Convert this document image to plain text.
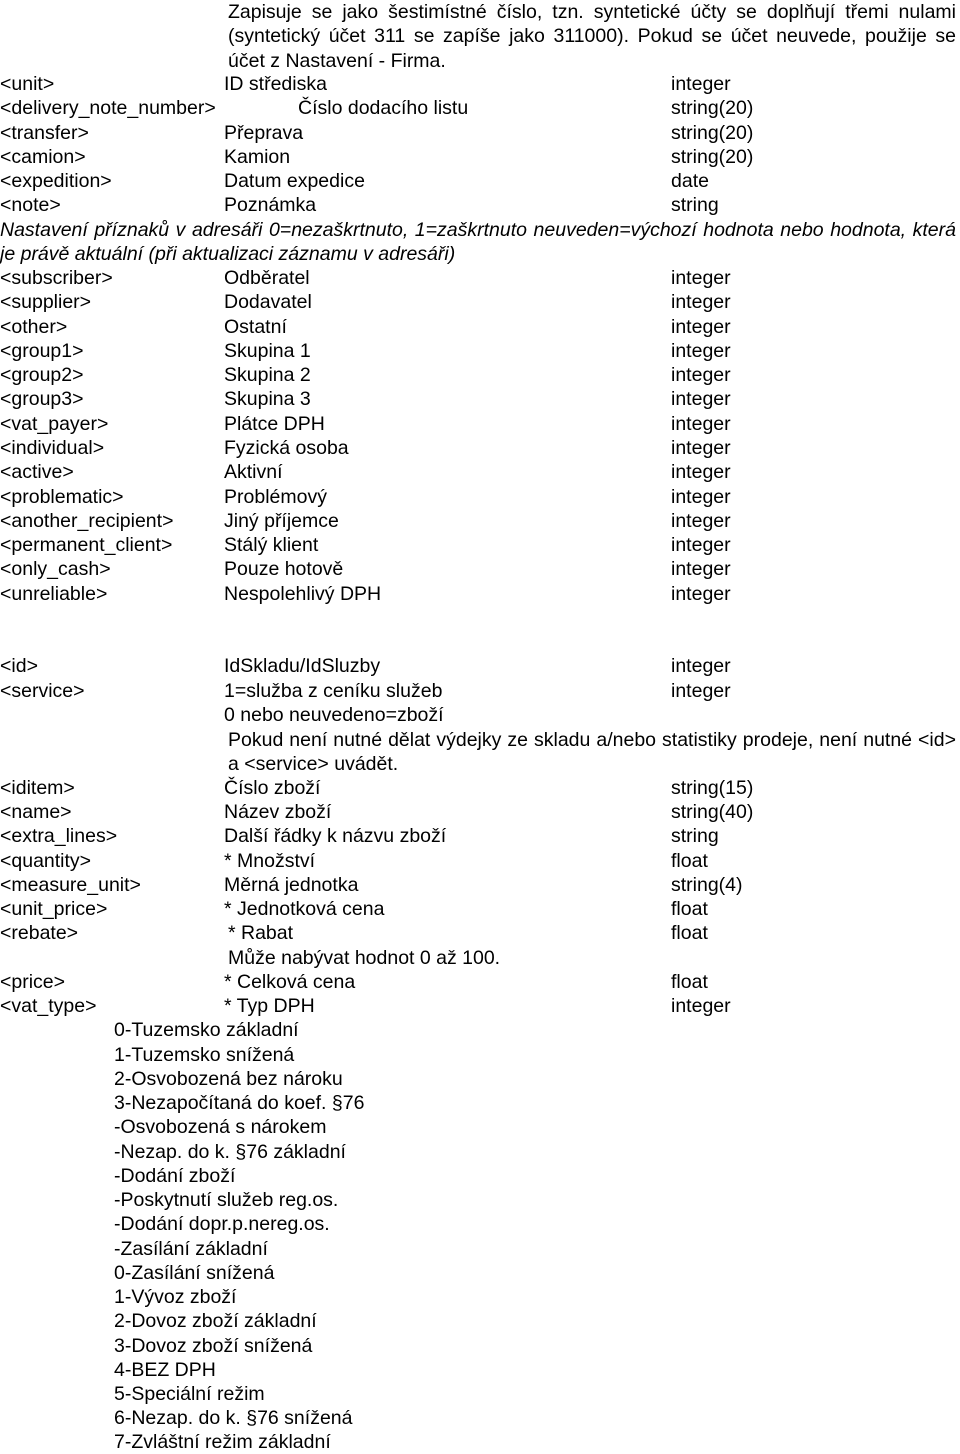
Zapisuje se jako šestimístné číslo, tzn. syntetické účty se doplňují třemi nulami (syntetický účet 311 se zapíše jako 311000). Pokud se účet neuvede, použije se účet z Nastavení - Firma.
<unit>	ID střediska	integer
<delivery_note_number>	Číslo dodacího listu	string(20)
<transfer>	Přeprava	string(20)
<camion>	Kamion	string(20)
<expedition>	Datum expedice	date
<note>	Poznámka	string
Nastavení příznaků v adresáři 0=nezaškrtnuto, 1=zaškrtnuto neuveden=výchozí hodnota nebo hodnota, která je právě aktuální (při aktualizaci záznamu v adresáři)
<subscriber>	Odběratel	integer
<supplier>	Dodavatel	integer
<other>	Ostatní	integer
<group1>	Skupina 1	integer
<group2>	Skupina 2	integer
<group3>	Skupina 3	integer
<vat_payer>	Plátce DPH	integer
<individual>	Fyzická osoba	integer
<active>	Aktivní	integer
<problematic>	Problémový	integer
<another_recipient>	Jiný příjemce	integer
<permanent_client>	Stálý klient	integer
<only_cash>	Pouze hotově	integer
<unreliable>	Nespolehlivý DPH	integer
<id>	IdSkladu/IdSluzby	integer
<service>	1=služba z ceníku služeb	integer
0 nebo neuvedeno=zboží
Pokud není nutné dělat výdejky ze skladu a/nebo statistiky prodeje, není nutné <id> a <service> uvádět.
<iditem>	Číslo zboží	string(15)
<name>	Název zboží	string(40)
<extra_lines>	Další řádky k názvu zboží	string
<quantity>	* Množství	float
<measure_unit>	Měrná jednotka	string(4)
<unit_price>	* Jednotková cena	float
<rebate>	* Rabat	float
Může nabývat hodnot 0 až 100.
<price>	* Celková cena	float
<vat_type>	* Typ DPH	integer
0-Tuzemsko základní
1-Tuzemsko snížená
2-Osvobozená bez nároku
3-Nezapočítaná do koef. §76
-Osvobozená s nárokem
-Nezap. do k. §76 základní
-Dodání zboží
-Poskytnutí služeb reg.os.
-Dodání dopr.p.nereg.os.
-Zasílání základní
0-Zasílání snížená
1-Vývoz zboží
2-Dovoz zboží základní
3-Dovoz zboží snížená
4-BEZ DPH
5-Speciální režim
6-Nezap. do k. §76 snížená
7-Zvláštní režim základní
